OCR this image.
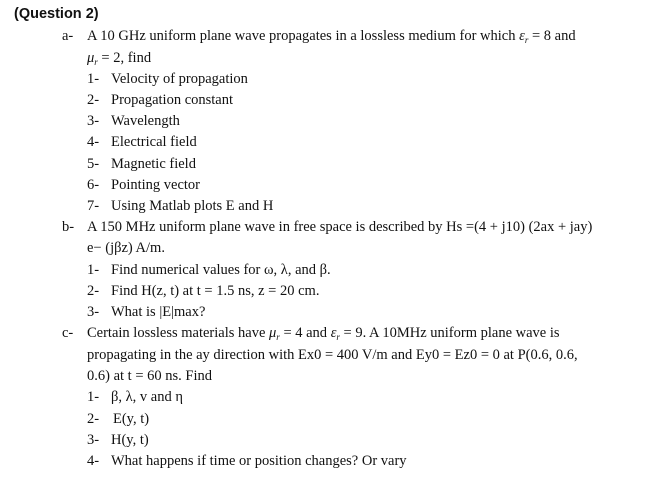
(Question 2)
a- A 10 GHz uniform plane wave propagates in a lossless medium for which $\varepsilon_r = 8$ and
$\mu_r = 2$, find
1- Velocity of propagation
2- Propagation constant
3- Wavelength
4- Electrical field
5- Magnetic field
6- Pointing vector
7- Using Matlab plots E and H
b- A 150 MHz uniform plane wave in free space is described by Hs =(4 + j10) (2ax + jay)
e− (jβz) A/m.
1- Find numerical values for ω, λ, and β.
2- Find H(z, t) at t = 1.5 ns, z = 20 cm.
3- What is |E|max?
c- Certain lossless materials have $\mu_r = 4$ and $\varepsilon_r = 9$. A 10MHz uniform plane wave is
propagating in the ay direction with Ex0 = 400 V/m and Ey0 = Ez0 = 0 at P(0.6, 0.6,
0.6) at t = 60 ns. Find
1- β, λ, v and η
2- E(y, t)
3- H(y, t)
4- What happens if time or position changes? Or vary
